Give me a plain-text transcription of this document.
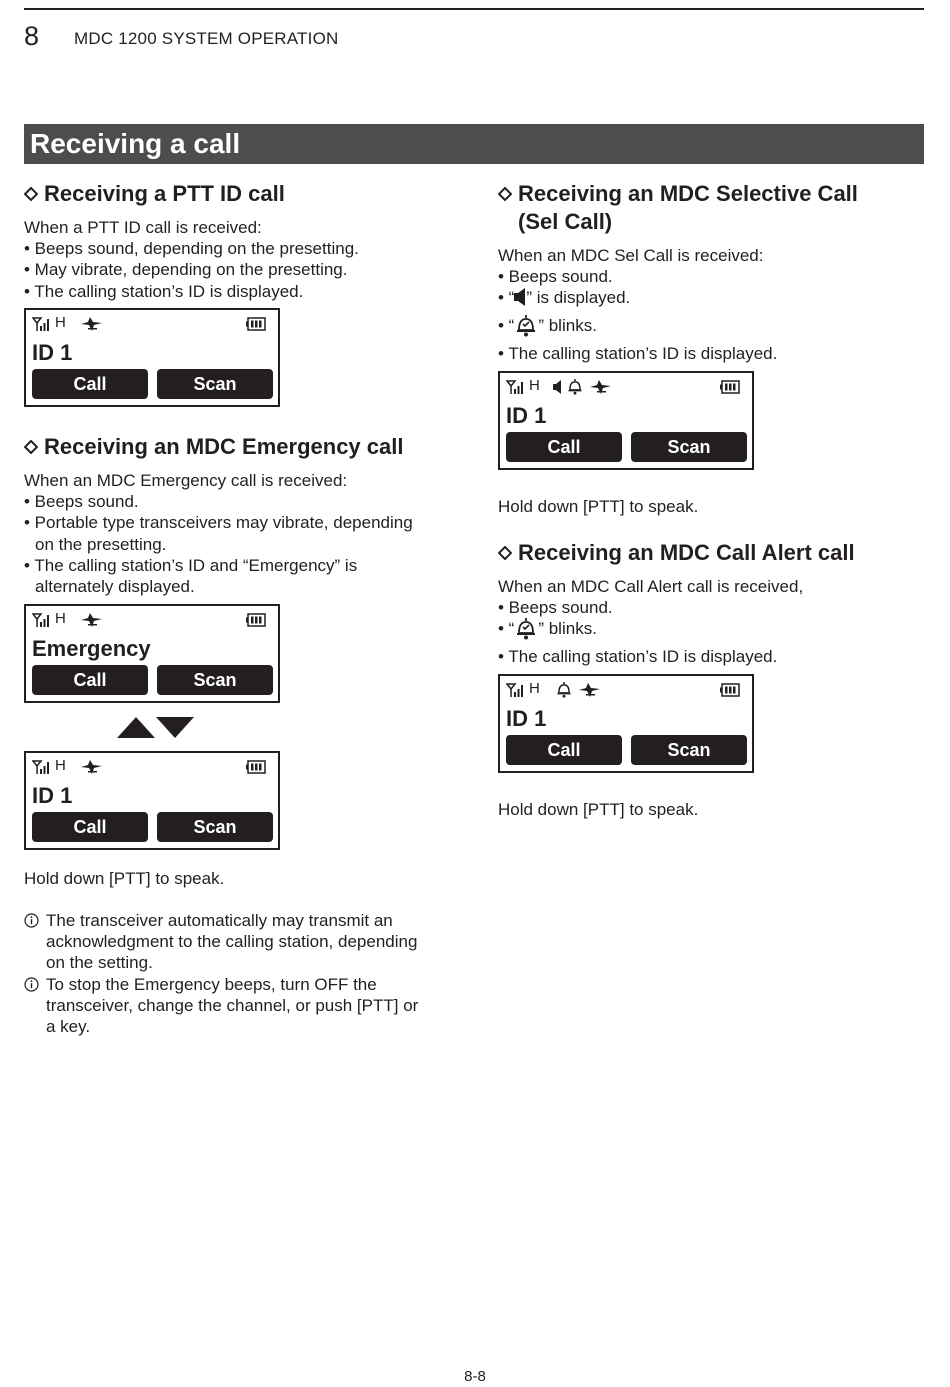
8 MDC 1200 SYSTEM OPERATION
Receiving a call
Receiving a PTT ID call
When a PTT ID call is received:
• Beeps sound, depending on the presetting.
• May vibrate, depending on the presetting.
• The calling station’s ID is displayed.
H
ID 1
Call	Scan
Receiving an MDC Emergency call
When an MDC Emergency call is received:
• Beeps sound.
• Portable type transceivers may vibrate, depending
on the presetting.
• The calling station’s ID and “Emergency” is
alternately displayed.
H
Emergency
Call	Scan
H
ID 1
Call	Scan
Hold down [PTT] to speak.
The transceiver automatically may transmit an
acknowledgment to the calling station, depending
on the setting.
To stop the Emergency beeps, turn OFF the
transceiver, change the channel, or push [PTT] or
a key.
Receiving an MDC Selective Call
(Sel Call)
When an MDC Sel Call is received:
• Beeps sound.
• “ ” is displayed.
• “ ” blinks.
• The calling station’s ID is displayed.
H
ID 1
Call	Scan
Hold down [PTT] to speak.
Receiving an MDC Call Alert call
When an MDC Call Alert call is received,
• Beeps sound.
• “ ” blinks.
• The calling station’s ID is displayed.
H
ID 1
Call	Scan
Hold down [PTT] to speak.
8-8
